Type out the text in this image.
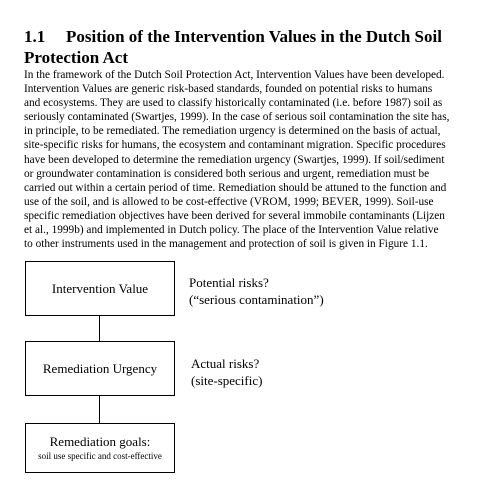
1.1 Position of the Intervention Values in the Dutch Soil
Protection Act
In the framework of the Dutch Soil Protection Act, Intervention Values have been developed.
Intervention Values are generic risk-based standards, founded on potential risks to humans
and ecosystems. They are used to classify historically contaminated (i.e. before 1987) soil as
seriously contaminated (Swartjes, 1999). In the case of serious soil contamination the site has,
in principle, to be remediated. The remediation urgency is determined on the basis of actual,
site-specific risks for humans, the ecosystem and contaminant migration. Specific procedures
have been developed to determine the remediation urgency (Swartjes, 1999). If soil/sediment
or groundwater contamination is considered both serious and urgent, remediation must be
carried out within a certain period of time. Remediation should be attuned to the function and
use of the soil, and is allowed to be cost-effective (VROM, 1999; BEVER, 1999). Soil-use
specific remediation objectives have been derived for several immobile contaminants (Lijzen
et al., 1999b) and implemented in Dutch policy. The place of the Intervention Value relative
to other instruments used in the management and protection of soil is given in Figure 1.1.
Intervention Value
Remediation Urgency
Remediation goals:
soil use specific and cost-effective
Potential risks?
(“serious contamination”)
Actual risks?
(site-specific)
